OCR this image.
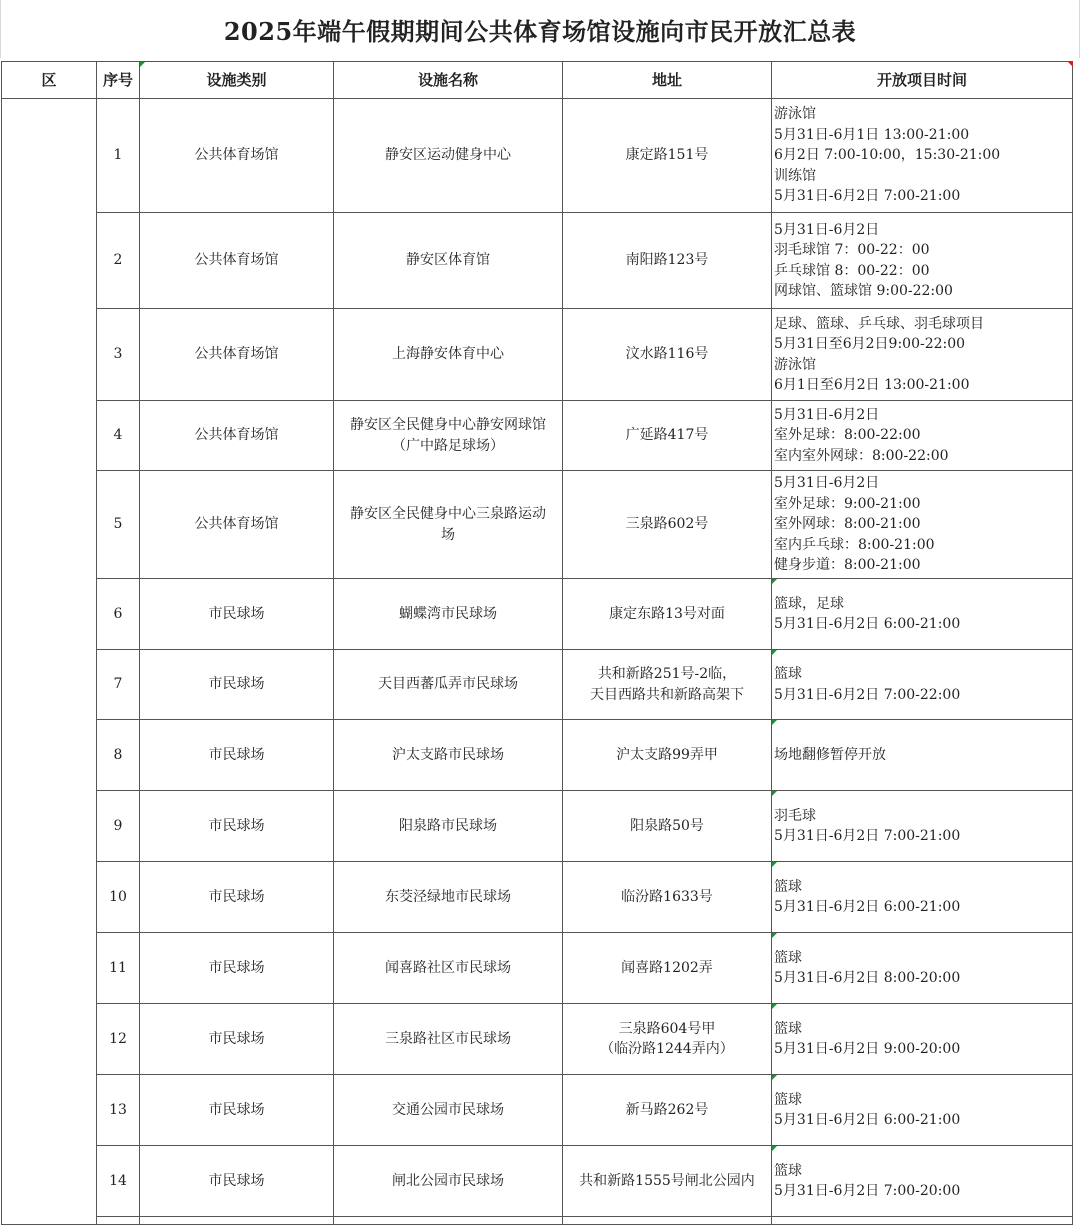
2025年端午假期期间公共体育场馆设施向市民开放汇总表
区	序号	设施类别	设施名称	地址	开放项目时间

	1	公共体育场馆	静安区运动健身中心	康定路151号	游泳馆
5月31日-6月1日 13:00-21:00
6月2日 7:00-10:00，15:30-21:00
训练馆
5月31日-6月2日 7:00-21:00

	2	公共体育场馆	静安区体育馆	南阳路123号	5月31日-6月2日
羽毛球馆 7：00-22：00
乒乓球馆 8：00-22：00
网球馆、篮球馆 9:00-22:00

	3	公共体育场馆	上海静安体育中心	汶水路116号	足球、篮球、乒乓球、羽毛球项目
5月31日至6月2日9:00-22:00
游泳馆
6月1日至6月2日 13:00-21:00

	4	公共体育场馆	静安区全民健身中心静安网球馆
（广中路足球场）	广延路417号	5月31日-6月2日
室外足球：8:00-22:00
室内室外网球：8:00-22:00

	5	公共体育场馆	静安区全民健身中心三泉路运动
场	三泉路602号	5月31日-6月2日
室外足球：9:00-21:00
室外网球：8:00-21:00
室内乒乓球：8:00-21:00
健身步道：8:00-21:00

	6	市民球场	蝴蝶湾市民球场	康定东路13号对面	篮球，足球
5月31日-6月2日 6:00-21:00

	7	市民球场	天目西蕃瓜弄市民球场	共和新路251号-2临，
天目西路共和新路高架下	篮球
5月31日-6月2日 7:00-22:00

	8	市民球场	沪太支路市民球场	沪太支路99弄甲	场地翻修暂停开放

	9	市民球场	阳泉路市民球场	阳泉路50号	羽毛球
5月31日-6月2日 7:00-21:00

	10	市民球场	东茭泾绿地市民球场	临汾路1633号	篮球
5月31日-6月2日 6:00-21:00

	11	市民球场	闻喜路社区市民球场	闻喜路1202弄	篮球
5月31日-6月2日 8:00-20:00

	12	市民球场	三泉路社区市民球场	三泉路604号甲
（临汾路1244弄内）	篮球
5月31日-6月2日 9:00-20:00

	13	市民球场	交通公园市民球场	新马路262号	篮球
5月31日-6月2日 6:00-21:00

	14	市民球场	闸北公园市民球场	共和新路1555号闸北公园内	篮球
5月31日-6月2日 7:00-20:00
